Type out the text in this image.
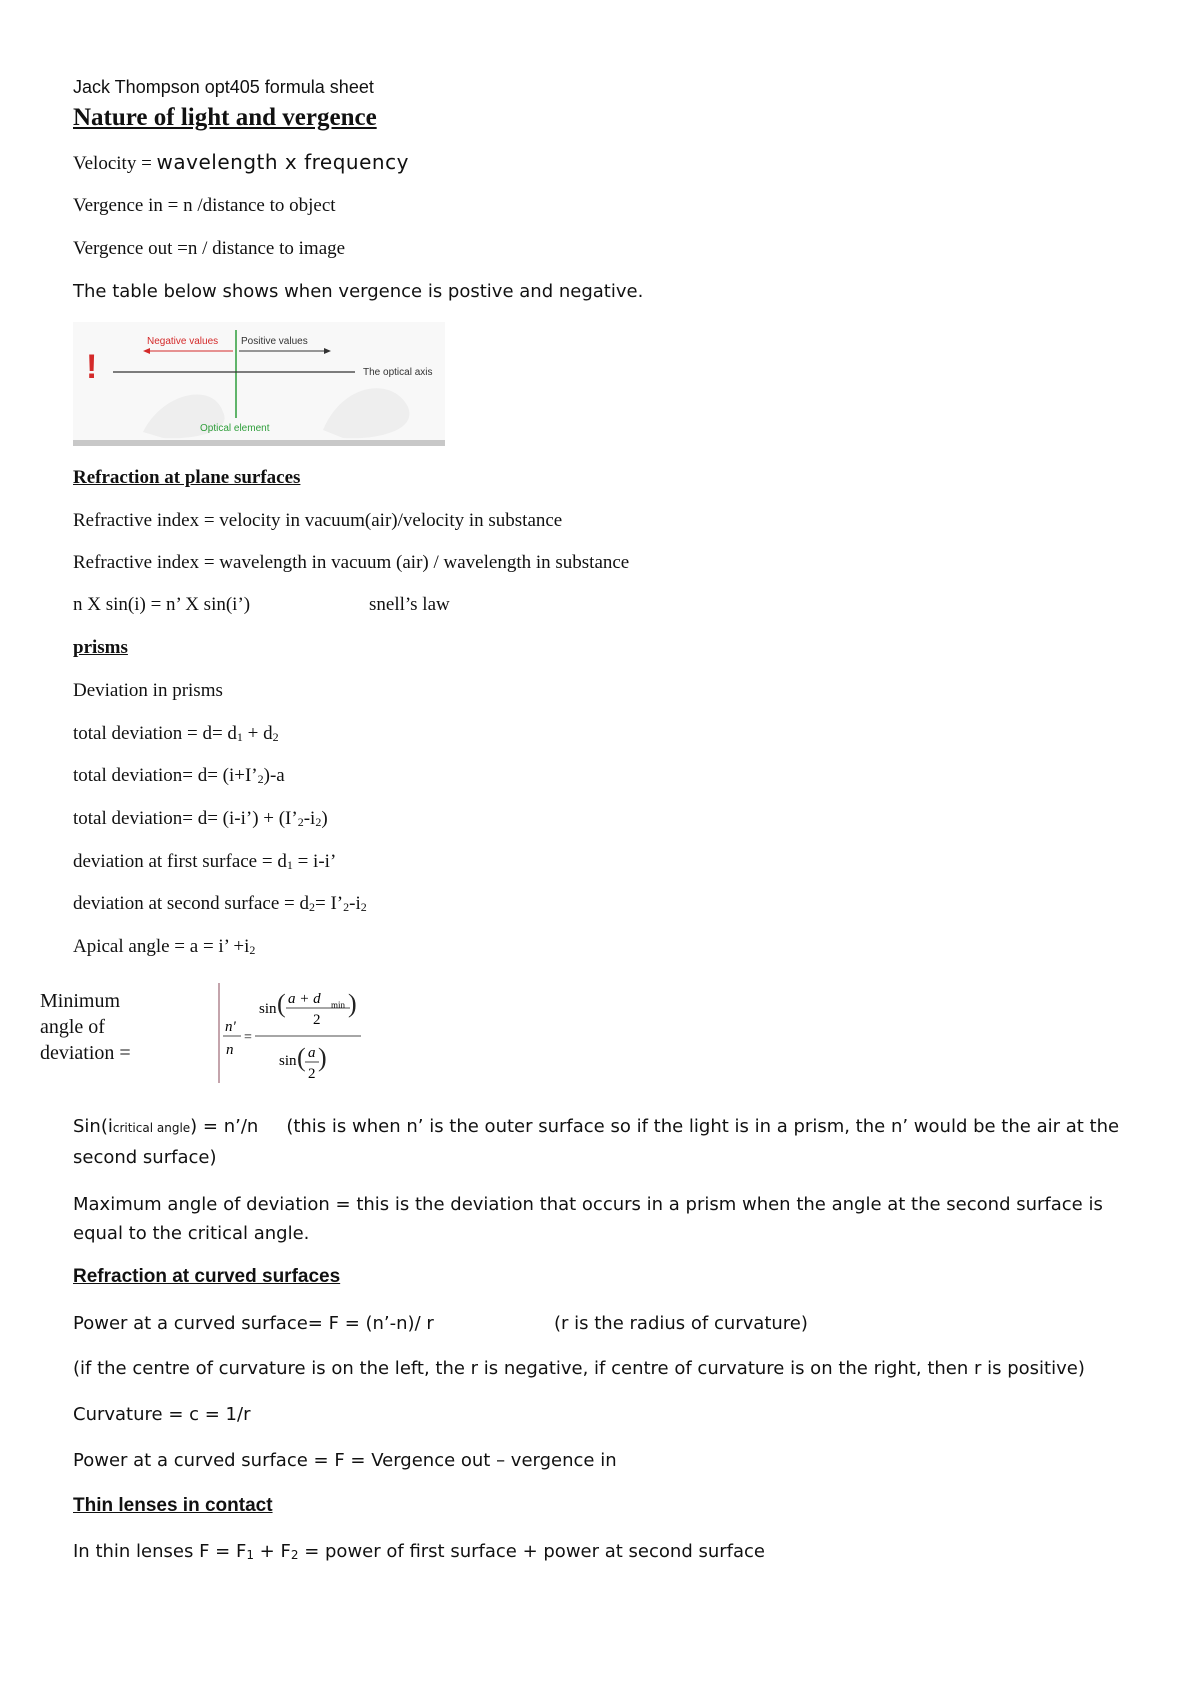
Jack Thompson opt405 formula sheet
Nature of light and vergence
Velocity = wavelength x frequency
Vergence in = n /distance to object
Vergence out =n / distance to image
The table below shows when vergence is postive and negative.
!
Negative values Positive values
The optical axis
Optical element
Refraction at plane surfaces
Refractive index = velocity in vacuum(air)/velocity in substance
Refractive index = wavelength in vacuum (air) / wavelength in substance
n X sin(i) = n’ X sin(i’)	snell’s law
prisms
Deviation in prisms
total deviation = d= d1 + d2
total deviation= d= (i+I’2)-a
total deviation= d= (i-i’) + (I’2-i2)
deviation at first surface = d1 = i-i’
deviation at second surface = d2= I’2-i2
Apical angle = a = i’ +i2
Minimum angle of deviation =
n'
n
=
sin ( a + d min
2
)
sin ( a
2
)
Sin(icritical angle) = n’/n (this is when n’ is the outer surface so if the light is in a prism, the n’ would be the air at the second surface)
Maximum angle of deviation = this is the deviation that occurs in a prism when the angle at the second surface is equal to the critical angle.
Refraction at curved surfaces
Power at a curved surface= F = (n’-n)/ r	(r is the radius of curvature)
(if the centre of curvature is on the left, the r is negative, if centre of curvature is on the right, then r is positive)
Curvature = c = 1/r
Power at a curved surface = F = Vergence out – vergence in
Thin lenses in contact
In thin lenses F = F1 + F2 = power of first surface + power at second surface
